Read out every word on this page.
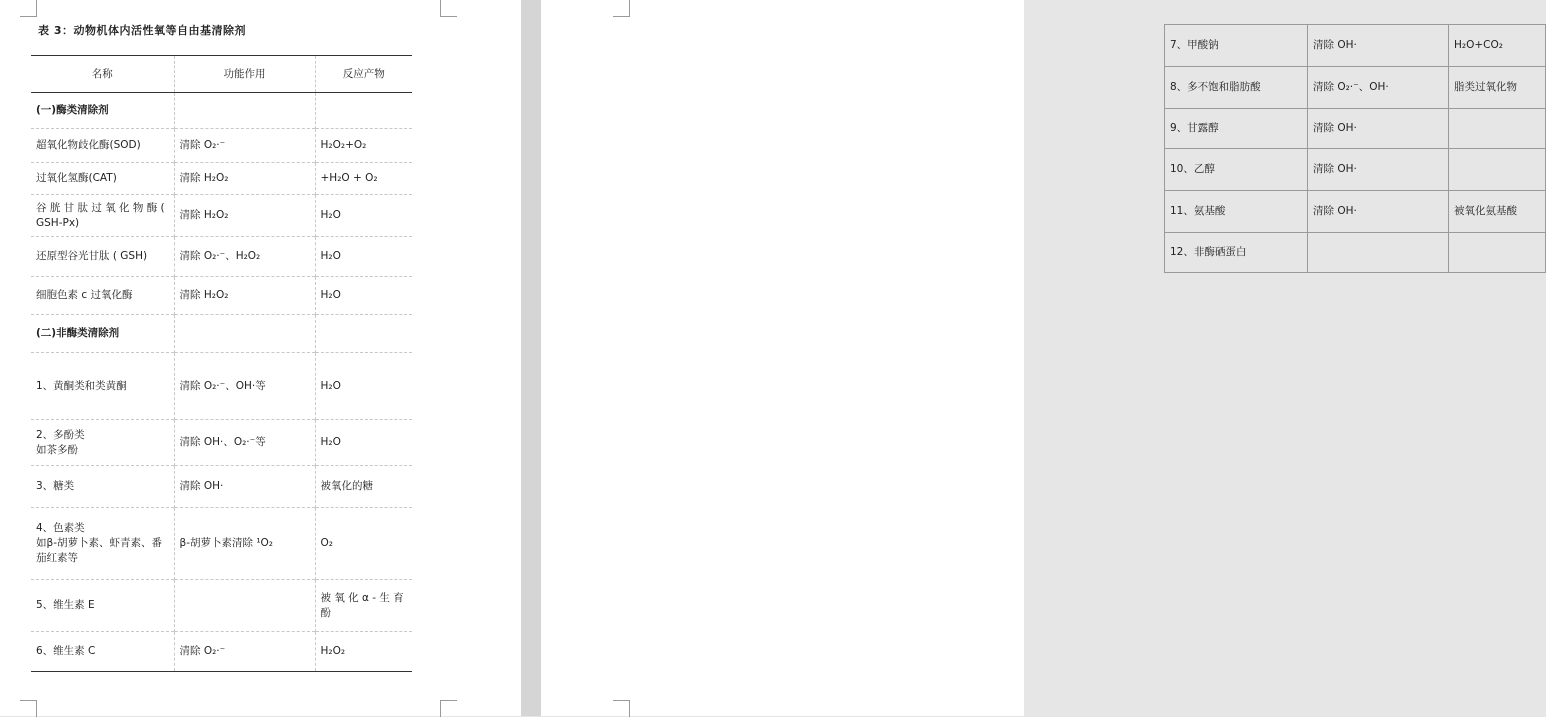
表 3：动物机体内活性氧等自由基清除剂
名称	功能作用	反应产物
(一)酶类清除剂		
超氧化物歧化酶(SOD)	清除 O₂·⁻	H₂O₂+O₂
过氧化氢酶(CAT)	清除 H₂O₂	+H₂O + O₂
谷 胱 甘 肽 过 氧 化 物 酶 ( GSH-Px)	清除 H₂O₂	H₂O
还原型谷光甘肽 ( GSH)	清除 O₂·⁻、H₂O₂	H₂O
细胞色素 c 过氧化酶	清除 H₂O₂	H₂O
(二)非酶类清除剂		
1、黄酮类和类黄酮	清除 O₂·⁻、OH·等	H₂O
2、多酚类
如茶多酚	清除 OH·、O₂·⁻等	H₂O
3、糖类	清除 OH·	被氧化的糖
4、色素类
如β-胡萝卜素、虾青素、番茄红素等	β-胡萝卜素清除 ¹O₂	O₂
5、维生素 E		被 氧 化 α - 生 育 酚
6、维生素 C	清除 O₂·⁻	H₂O₂
7、甲酸钠	清除 OH·	H₂O+CO₂
8、多不饱和脂肪酸	清除 O₂·⁻、OH·	脂类过氧化物
9、甘露醇	清除 OH·	
10、乙醇	清除 OH·	
11、氨基酸	清除 OH·	被氧化氨基酸
12、非酶硒蛋白		
